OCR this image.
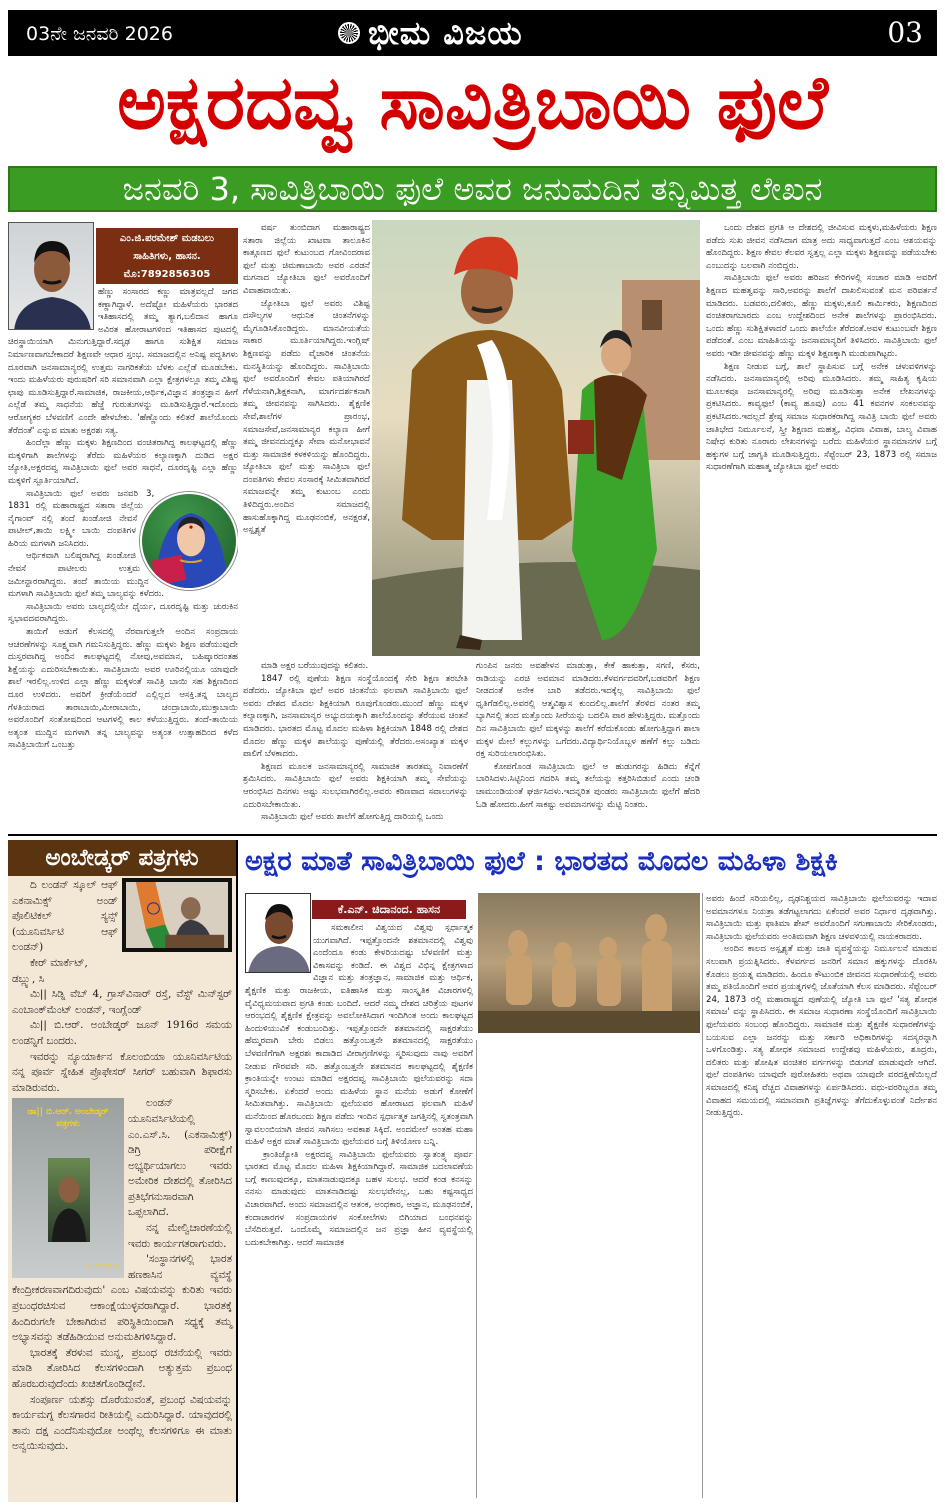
03ನೇ ಜನವರಿ 2026	ಭೀಮ ವಿಜಯ	03
ಅಕ್ಷರದವ್ವ ಸಾವಿತ್ರಿಬಾಯಿ ಫುಲೆ
ಜನವರಿ 3, ಸಾವಿತ್ರಿಬಾಯಿ ಫುಲೆ ಅವರ ಜನುಮದಿನ ತನ್ನಿಮಿತ್ತ ಲೇಖನ
ಎಂ.ಜಿ.ಪರಮೇಶ್ ಮಡಬಲು
ಸಾಹಿತಿಗಳು, ಹಾಸನ.
ಮೊ:7892856305

ಹೆಣ್ಣು ಸಂಸಾರದ ಕಣ್ಣು ಮಾತ್ರವಲ್ಲದೆ ಜಗದ ಕಣ್ಣಾಗಿದ್ದಾಳೆ. ಅದೆಷ್ಟೋ ಮಹಿಳೆಯರು ಭಾರತದ ಇತಿಹಾಸದಲ್ಲಿ ತಮ್ಮ ತ್ಯಾಗ,ಬಲಿದಾನ ಹಾಗೂ ಅವಿರತ ಹೋರಾಟಗಳಿಂದ ಇತಿಹಾಸದ ಪುಟದಲ್ಲಿ ಚಿರಸ್ಥಾಯಿಯಾಗಿ ಮಿನುಗುತ್ತಿದ್ದಾರೆ.ಸದೃಢ ಹಾಗೂ ಸುಶಿಕ್ಷಿತ ಸಮಾಜ ನಿರ್ಮಾಣವಾಗಬೇಕಾದರೆ ಶಿಕ್ಷಣವೇ ಆಧಾರ ಸ್ತಂಭ. ಸಮಾಜದಲ್ಲಿನ ಅನಿಷ್ಟ ಪದ್ಧತಿಗಳು ದೂರವಾಗಿ ಜನಸಾಮಾನ್ಯರಲ್ಲಿ ಉತ್ತಮ ನಾಗರಿಕತೆಯ ಬೆಳಕು ಎಲ್ಲೆಡೆ ಮೂಡಬೇಕು. ಇಂದು ಮಹಿಳೆಯರು ಪುರುಷರಿಗೆ ಸರಿ ಸಮಾನವಾಗಿ ಎಲ್ಲಾ ಕ್ಷೇತ್ರಗಳಲ್ಲೂ ತಮ್ಮ ವಿಶಿಷ್ಟ ಛಾಪು ಮೂಡಿಸುತ್ತಿದ್ದಾರೆ.ಸಾಮಾಜಿಕ, ರಾಜಕೀಯ,ಆರ್ಥಿಕ,ವಿಜ್ಞಾನ ತಂತ್ರಜ್ಞಾನ ಹೀಗೆ ಎಲ್ಲೆಡೆ ತಮ್ಮ ಸಾಧನೆಯ ಹೆಜ್ಜೆ ಗುರುತುಗಳನ್ನು ಮೂಡಿಸುತ್ತಿದ್ದಾರೆ.ಇದೊಂದು ಆರೋಗ್ಯಕರ ಬೆಳವಣಿಗೆ ಎಂದೇ ಹೇಳಬೇಕು. 'ಹೆಣ್ಣೊಂದು ಕಲಿತರೆ ಶಾಲೆಯೊಂದು ತೆರೆದಂತೆ' ಎನ್ನುವ ಮಾತು ಅಕ್ಷರಶಃ ಸತ್ಯ.

ಹಿಂದೆಲ್ಲಾ ಹೆಣ್ಣು ಮಕ್ಕಳು ಶಿಕ್ಷಣದಿಂದ ವಂಚಿತರಾಗಿದ್ದ ಕಾಲಘಟ್ಟದಲ್ಲಿ ಹೆಣ್ಣು ಮಕ್ಕಳಿಗಾಗಿ ಶಾಲೆಗಳನ್ನು ತೆರೆದು ಮಹಿಳೆಯರ ಕಲ್ಯಾಣಕ್ಕಾಗಿ ದುಡಿದ ಅಕ್ಷರ ಜ್ಯೋತಿ,ಅಕ್ಷರದವ್ವ ಸಾವಿತ್ರಿಬಾಯಿ ಫುಲೆ ಅವರ ಸಾಧನೆ, ದೂರದೃಷ್ಟಿ ಎಲ್ಲಾ ಹೆಣ್ಣು ಮಕ್ಕಳಿಗೆ ಸ್ಪೂರ್ತಿಯಾಗಿದೆ.

ಸಾವಿತ್ರಿಬಾಯಿ ಫುಲೆ ಅವರು ಜನವರಿ 3, 1831 ರಲ್ಲಿ ಮಹಾರಾಷ್ಟ್ರದ ಸತಾರಾ ಜಿಲ್ಲೆಯ ನೈಗಾಂವ್ ನಲ್ಲಿ ತಂದೆ ಖಂಡೋಜಿ ನೇವಸೆ ಪಾಟೀಲ್,ತಾಯಿ ಲಕ್ಷ್ಮೀ ಬಾಯಿ ದಂಪತಿಗಳ ಹಿರಿಯ ಮಗಳಾಗಿ ಜನಿಸಿದರು.

ಆರ್ಥಿಕವಾಗಿ ಬಲಿಷ್ಠರಾಗಿದ್ದ ಖಂಡೋಜಿ ನೇವಸೆ ಪಾಟೀಲರು ಉತ್ತಮ ಜಮೀನ್ದಾರರಾಗಿದ್ದರು. ತಂದೆ ತಾಯಿಯ ಮುದ್ದಿನ ಮಗಳಾಗಿ ಸಾವಿತ್ರಿಬಾಯಿ ಫುಲೆ ತಮ್ಮ ಬಾಲ್ಯವನ್ನು ಕಳೆದರು.

ಸಾವಿತ್ರಿಬಾಯಿ ಅವರು ಬಾಲ್ಯದಲ್ಲಿಯೇ ಧೈರ್ಯ, ದೂರದೃಷ್ಟಿ ಮತ್ತು ಚುರುಕಿನ ಸ್ವಭಾವದವರಾಗಿದ್ದರು.

ತಾಯಿಗೆ ಅಡುಗೆ ಕೆಲಸದಲ್ಲಿ ನೆರವಾಗುತ್ತಲೇ ಅಂದಿನ ಸಂಪ್ರದಾಯ ಆಚರಣೆಗಳನ್ನು ಸೂಕ್ಷ್ಮವಾಗಿ ಗಮನಿಸುತ್ತಿದ್ದರು. ಹೆಣ್ಣು ಮಕ್ಕಳು ಶಿಕ್ಷಣ ಪಡೆಯುವುದೇ ದುಸ್ತರವಾಗಿದ್ದ ಅಂದಿನ ಕಾಲಘಟ್ಟದಲ್ಲಿ ನೋವು,ಅವಮಾನ, ಬಹಿಷ್ಕಾರದಂತಹ ಶಿಕ್ಷೆಯನ್ನು ಎದುರಿಸಬೇಕಾಯಿತು. ಸಾವಿತ್ರಿಬಾಯಿ ಅವರ ಊರಿನಲ್ಲಿಯೂ ಯಾವುದೇ ಶಾಲೆ ಇರಲಿಲ್ಲ.ಉಳಿದ ಎಲ್ಲಾ ಹೆಣ್ಣು ಮಕ್ಕಳಂತೆ ಸಾವಿತ್ರಿ ಬಾಯಿ ಸಹ ಶಿಕ್ಷಣದಿಂದ ದೂರ ಉಳಿದರು. ಅವರಿಗೆ ಕ್ರೀಡೆಯೆಂದರೆ ಎಲ್ಲಿಲ್ಲದ ಆಸಕ್ತಿ.ತನ್ನ ಬಾಲ್ಯದ ಗೆಳತಿಯರಾದ ತಾರಾಬಾಯಿ,ಮೀರಾಬಾಯಿ, ಚಂದ್ರಾಬಾಯಿ,ಮುಕ್ತಾಬಾಯಿ ಅವರೊಂದಿಗೆ ಸಂತೋಷದಿಂದ ಆಟಗಳಲ್ಲಿ ಕಾಲ ಕಳೆಯುತ್ತಿದ್ದರು. ತಂದೆ-ತಾಯಿಯ ಅತ್ಯಂತ ಮುದ್ದಿನ ಮಗಳಾಗಿ ತನ್ನ ಬಾಲ್ಯವನ್ನು ಅತ್ಯಂತ ಉತ್ಸಾಹದಿಂದ ಕಳೆದ ಸಾವಿತ್ರಿಬಾಯಿಗೆ ಒಂಬತ್ತು

ವರ್ಷ ತುಂಬಿದಾಗ ಮಹಾರಾಷ್ಟ್ರದ ಸತಾರಾ ಜಿಲ್ಲೆಯ ಖಾಟವಾ ತಾಲೂಕಿನ ಕಾತ್ಗೂಣದ ಫುಲೆ ಕುಟುಂಬದ ಗೋವಿಂದರಾವ ಫುಲೆ ಮತ್ತು ಚಿಮಣಾಬಾಯಿ ಅವರ ಎರಡನೆ ಮಗನಾದ ಜ್ಯೋತಿಬಾ ಫುಲೆ ಅವರೊಂದಿಗೆ ವಿವಾಹವಾಯಿತು.

ಜ್ಯೋತಿಬಾ ಫುಲೆ ಅವರು ವಿಶಿಷ್ಟ ದಸೌಲ್ಯಗಳ ಆಧುನಿಕ ಚಿಂತನೆಗಳನ್ನು ಮೈಗೂಡಿಸಿಕೊಂಡಿದ್ದರು. ಮಾನವೀಯತೆಯ ಸಾಕಾರ ಮೂರ್ತಿಯಾಗಿದ್ದರು.ಇಂಗ್ಲಿಷ್ ಶಿಕ್ಷಣವನ್ನು ಪಡೆದು ವೈಚಾರಿಕ ಚಿಂತನೆಯ ಮನಸ್ಥಿತಿಯನ್ನು ಹೊಂದಿದ್ದರು. ಸಾವಿತ್ರಿಬಾಯಿ ಫುಲೆ ಅವರೊಂದಿಗೆ ಕೇವಲ ಪತಿಯಾಗಿರದೆ ಗೆಳೆಯನಾಗಿ,ಶಿಕ್ಷಕನಾಗಿ, ಮಾರ್ಗದರ್ಶಕನಾಗಿ ತಮ್ಮ ಜೀವನವನ್ನು ಸಾಗಿಸಿದರು. ಶೈಕ್ಷಣಿಕ ಸೇವೆ,ಶಾಲೆಗಳ ಪ್ರಾರಂಭ, ಸಮಾಜಸೇವೆ,ಜನಸಾಮಾನ್ಯರ ಕಲ್ಯಾಣ ಹೀಗೆ ತಮ್ಮ ಜೀವನದುದ್ದಕ್ಕೂ ಸೇವಾ ಮನೋಭಾವನೆ ಮತ್ತು ಸಾಮಾಜಿಕ ಕಳಕಳಿಯನ್ನು ಹೊಂದಿದ್ದರು. ಜ್ಯೋತಿಬಾ ಫುಲೆ ಮತ್ತು ಸಾವಿತ್ರಿಬಾ ಫುಲೆ ದಂಪತಿಗಳು ಕೇವಲ ಸಂಸಾರಕ್ಕೆ ಸೀಮಿತವಾಗಿರದೆ ಸಮಾಜವನ್ನೇ ತಮ್ಮ ಕುಟುಂಬ ಎಂದು ತಿಳಿದಿದ್ದರು.ಅಂದಿನ ಸಮಾಜದಲ್ಲಿ ಹಾಸುಹೊಕ್ಕಾಗಿದ್ದ ಮೂಢನಂಬಿಕೆ, ಅನಕ್ಷರತೆ, ಅಸ್ಪೃಶ್ಯತೆ

ಮಾಡಿ ಅಕ್ಷರ ಬರೆಯುವುದನ್ನು ಕಲಿತರು.

1847 ರಲ್ಲಿ ಪುಣೆಯ ಶಿಕ್ಷಣ ಸಂಸ್ಥೆಯೊಂದಕ್ಕೆ ಸೇರಿ ಶಿಕ್ಷಣ ತರಬೇತಿ ಪಡೆದರು. ಜ್ಯೋತಿಬಾ ಫುಲೆ ಅವರ ಚಿಂತನೆಯ ಫಲವಾಗಿ ಸಾವಿತ್ರಿಬಾಯಿ ಫುಲೆ ಅವರು ದೇಶದ ಮೊದಲ ಶಿಕ್ಷಕಿಯಾಗಿ ರೂಪುಗೊಂಡರು.ಮುಂದೆ ಹೆಣ್ಣು ಮಕ್ಕಳ ಕಲ್ಯಾಣಕ್ಕಾಗಿ, ಜನಸಾಮಾನ್ಯರ ಅಭ್ಯುದಯಕ್ಕಾಗಿ ಶಾಲೆಯೊಂದನ್ನು ತೆರೆಯುವ ಚಿಂತನೆ ಮಾಡಿದರು. ಭಾರತದ ಮೊಟ್ಟ ಮೊದಲ ಮಹಿಳಾ ಶಿಕ್ಷಕಿಯಾಗಿ 1848 ರಲ್ಲಿ ದೇಶದ ಮೊದಲ ಹೆಣ್ಣು ಮಕ್ಕಳ ಶಾಲೆಯನ್ನು ಪುಣೆಯಲ್ಲಿ ತೆರೆದರು.ಅಸಂಖ್ಯಾತ ಮಕ್ಕಳ ಪಾಲಿಗೆ ಬೆಳಕಾದರು.

ಶಿಕ್ಷಣದ ಮೂಲಕ ಜನಸಾಮಾನ್ಯರಲ್ಲಿ ಸಾಮಾಜಿಕ ತಾರತಮ್ಯ ನಿವಾರಣೆಗೆ ಶ್ರಮಿಸಿದರು. ಸಾವಿತ್ರಿಬಾಯಿ ಫುಲೆ ಅವರು ಶಿಕ್ಷಕಿಯಾಗಿ ತಮ್ಮ ಸೇವೆಯನ್ನು ಆರಂಭಿಸಿದ ದಿನಗಳು ಅಷ್ಟು ಸುಲಭವಾಗಿರಲಿಲ್ಲ.ಅವರು ಕಠಿಣವಾದ ಸವಾಲುಗಳನ್ನು ಎದುರಿಸಬೇಕಾಯಿತು.

ಸಾವಿತ್ರಿಬಾಯಿ ಫುಲೆ ಅವರು ಶಾಲೆಗೆ ಹೋಗುತ್ತಿದ್ದ ದಾರಿಯಲ್ಲಿ ಒಂದು

ಗುಂಪಿನ ಜನರು ಅವಹೇಳನ ಮಾಡುತ್ತಾ, ಕೇಕೆ ಹಾಕುತ್ತಾ, ಸಗಣಿ, ಕೆಸರು, ರಾಡಿಯನ್ನು ಎರಚಿ ಅವಮಾನ ಮಾಡಿದರು.ಕೆಳವರ್ಗದವರಿಗೆ,ಬಡವರಿಗೆ ಶಿಕ್ಷಣ ನೀಡದಂತೆ ಅನೇಕ ಬಾರಿ ತಡೆದರು.ಇದಕ್ಕೆಲ್ಲ ಸಾವಿತ್ರಿಬಾಯಿ ಫುಲೆ ಧೃತಿಗೆಡಲಿಲ್ಲ.ಅವರಲ್ಲಿ ಆತ್ಮವಿಶ್ವಾಸ ಕುಂದಲಿಲ್ಲ.ಶಾಲೆಗೆ ತೆರಳಿದ ನಂತರ ತಮ್ಮ ಬ್ಯಾಗಿನಲ್ಲಿ ತಂದ ಮತ್ತೊಂದು ಸೀರೆಯನ್ನು ಬದಲಿಸಿ ಪಾಠ ಹೇಳುತ್ತಿದ್ದರು. ಮತ್ತೊಂದು ದಿನ ಸಾವಿತ್ರಿಬಾಯಿ ಫುಲೆ ಮಕ್ಕಳನ್ನು ಶಾಲೆಗೆ ಕರೆದುಕೊಂಡು ಹೋಗುತ್ತಿದ್ದಾಗ ಶಾಲಾ ಮಕ್ಕಳ ಮೇಲೆ ಕಲ್ಲುಗಳನ್ನು ಒಗೆದರು.ವಿದ್ಯಾರ್ಥಿನಿಯೊಬ್ಬಳ ಹಣೆಗೆ ಕಲ್ಲು ಬಡಿದು ರಕ್ತ ಸುರಿಯಲಾರಂಭಿಸಿತು.

ಕೋಪಗೊಂಡ ಸಾವಿತ್ರಿಬಾಯಿ ಫುಲೆ ಆ ಹುಡುಗರನ್ನು ಹಿಡಿದು ಕೆನ್ನೆಗೆ ಬಾರಿಸಿದಳು.ಸಿಟ್ಟಿನಿಂದ ಗದರಿಸಿ ತಮ್ಮ ತಲೆಯನ್ನು ಕತ್ತರಿಸಿಬಿಡುವೆ ಎಂದು ಚಂಡಿ ಚಾಮುಂಡಿಯಂತೆ ಘರ್ಜಿಸಿದಳು.ಇದನ್ನರಿತ ಪುಂಡರು ಸಾವಿತ್ರಿಬಾಯಿ ಫುಲೆಗೆ ಹೆದರಿ ಓಡಿ ಹೋದರು.ಹೀಗೆ ಸಾಕಷ್ಟು ಅವಮಾನಗಳನ್ನು ಮೆಟ್ಟಿ ನಿಂತರು.

ಒಂದು ದೇಶದ ಪ್ರಗತಿ ಆ ದೇಶದಲ್ಲಿ ಜೀವಿಸುವ ಮಕ್ಕಳು,ಮಹಿಳೆಯರು ಶಿಕ್ಷಣ ಪಡೆದು ಸುಖ ಜೀವನ ನಡೆಸಿದಾಗ ಮಾತ್ರ ಅದು ಸಾಧ್ಯವಾಗುತ್ತದೆ ಎಂಬ ಆಶಯವನ್ನು ಹೊಂದಿದ್ದರು. ಶಿಕ್ಷಣ ಕೇವಲ ಕೆಲವರ ಸ್ವತ್ತಲ್ಲ ಎಲ್ಲಾ ಮಕ್ಕಳು ಶಿಕ್ಷಣವನ್ನು ಪಡೆಯಬೇಕು ಎಂಬುದನ್ನು ಬಲವಾಗಿ ನಂಬಿದ್ದರು.

ಸಾವಿತ್ರಿಬಾಯಿ ಫುಲೆ ಅವರು ಹರಿಜನ ಕೇರಿಗಳಲ್ಲಿ ಸಂಚಾರ ಮಾಡಿ ಅವರಿಗೆ ಶಿಕ್ಷಣದ ಮಹತ್ವವನ್ನು ಸಾರಿ,ಅವರನ್ನು ಶಾಲೆಗೆ ದಾಖಲಿಸುವಂತೆ ಮನ ಪರಿವರ್ತನೆ ಮಾಡಿದರು. ಬಡವರು,ದಲಿತರು, ಹೆಣ್ಣು ಮಕ್ಕಳು,ಕೂಲಿ ಕಾರ್ಮಿಕರು, ಶಿಕ್ಷಣದಿಂದ ವಂಚಿತರಾಗಬಾರದು ಎಂಬ ಉದ್ದೇಶದಿಂದ ಅನೇಕ ಶಾಲೆಗಳನ್ನು ಪ್ರಾರಂಭಿಸಿದರು. ಒಂದು ಹೆಣ್ಣು ಸುಶಿಕ್ಷಿತಳಾದರೆ ಒಂದು ಶಾಲೆಯೇ ತೆರೆದಂತೆ.ಅವಳ ಕುಟುಂಬವೇ ಶಿಕ್ಷಣ ಪಡೆದಂತೆ. ಎಂಬ ಮಾಹಿತಿಯನ್ನು ಜನಸಾಮಾನ್ಯರಿಗೆ ತಿಳಿಸಿದರು. ಸಾವಿತ್ರಿಬಾಯಿ ಫುಲೆ ಅವರು ಇಡೀ ಜೀವನವನ್ನು ಹೆಣ್ಣು ಮಕ್ಕಳ ಶಿಕ್ಷಣಕ್ಕಾಗಿ ಮುಡುಪಾಗಿಟ್ಟರು.

ಶಿಕ್ಷಣ ನೀಡುವ ಬಗ್ಗೆ, ಶಾಲೆ ಸ್ಥಾಪಿಸುವ ಬಗ್ಗೆ ಅನೇಕ ಚಳುವಳಿಗಳನ್ನು ನಡೆಸಿದರು. ಜನಸಾಮಾನ್ಯರಲ್ಲಿ ಅರಿವು ಮೂಡಿಸಿದರು. ತಮ್ಮ ಸಾಹಿತ್ಯ ಕೃಷಿಯ ಮೂಲಕವೂ ಜನಸಾಮಾನ್ಯರಲ್ಲಿ ಅರಿವು ಮೂಡಿಸುತ್ತಾ ಅನೇಕ ಲೇಖನಗಳನ್ನು ಪ್ರಕಟಿಸಿದರು. ಕಾವ್ಯಫುಲೆ (ಕಾವ್ಯ ಹೂವು) ಎಂಬ 41 ಕವನಗಳ ಸಂಕಲನವನ್ನು ಪ್ರಕಟಿಸಿದರು.ಇದಲ್ಲದೆ ಶ್ರೇಷ್ಠ ಸಮಾಜ ಸುಧಾರಕರಾಗಿದ್ದ ಸಾವಿತ್ರಿ ಬಾಯಿ ಫುಲೆ ಅವರು ಜಾತಿಭೇದ ನಿರ್ಮೂಲನೆ, ಸ್ತ್ರೀ ಶಿಕ್ಷಣದ ಮಹತ್ವ, ವಿಧವಾ ವಿವಾಹ, ಬಾಲ್ಯ ವಿವಾಹ ನಿಷೇಧ ಕುರಿತು ನೂರಾರು ಲೇಖನಗಳನ್ನು ಬರೆದು ಮಹಿಳೆಯರ ಸ್ಥಾನಮಾನಗಳ ಬಗ್ಗೆ ಹಕ್ಕುಗಳ ಬಗ್ಗೆ ಜಾಗೃತಿ ಮೂಡಿಸುತ್ತಿದ್ದರು. ಸೆಪ್ಟೆಂಬರ್ 23, 1873 ರಲ್ಲಿ ಸಮಾಜ ಸುಧಾರಣೆಗಾಗಿ ಮಹಾತ್ಮ ಜ್ಯೋತಿಬಾ ಫುಲೆ ಅವರು

ಅಂಬೇಡ್ಕರ್ ಪತ್ರಗಳು

ದಿ ಲಂಡನ್ ಸ್ಕೂಲ್ ಆಫ್ ಎಕನಾಮಿಕ್ಸ್ ಅಂಡ್ ಪೊಲಿಟಿಕಲ್ ಸ್ಯನ್ಸ್ (ಯೂನಿವರ್ಸಿಟಿ ಆಫ್ ಲಂಡನ್)

ಕೇರ್ ಮಾರ್ಕೆಟ್,

ಡಬ್ಲ್ಯು, ಸಿ

ಮಿ|| ಸಿಡ್ನಿ ವೆಬ್ 4, ಗ್ರಾಸ್‌ವಿನಾರ್ ರಸ್ತೆ, ವೆಸ್ಟ್ ಮಿನ್‌ಸ್ಟರ್ ಎಂಬಾಂಕ್‌ಮೆಂಟ್ ಲಂಡನ್, ಇಂಗ್ಲೆಂಡ್

ಮಿ|| ಬಿ.ಆರ್. ಅಂಬೇಡ್ಕರ್ ಜೂನ್ 1916ರ ಸಮಯ ಲಂಡನ್ನಿಗೆ ಬಂದರು.

ಇವರನ್ನು ನ್ಯೂಯಾರ್ಕಿನ ಕೊಲಂಬಿಯಾ ಯೂನಿವರ್ಸಿಟಿಯ ನನ್ನ ಪೂರ್ವ ಸ್ನೇಹಿತ ಪ್ರೊಫೇಸರ್ ಸೀಗರ್ ಬಹುವಾಗಿ ಶಿಫಾರಸು ಮಾಡಿರುವರು.

ಡಾ|| ಬಿ.ಆರ್. ಅಂಬೇಡ್ಕರ್ ಪತ್ರಗಳು
ಬಿ. ರಂಗಸ್ವಾಮಿ

ಲಂಡನ್ ಯೂನಿವರ್ಸಿಟಿಯಲ್ಲಿ ಎಂ.ಎಸ್.ಸಿ. (ಎಕನಾಮಿಕ್ಸ್) ಡಿಗ್ರಿ ಪರೀಕ್ಷೆಗೆ ಅಭ್ಯರ್ಥಿಯಾಗಲು ಇವರು ಅಮೇರಿಕ ದೇಶದಲ್ಲಿ ತೋರಿಸಿದ ಪ್ರತಿಭೆಗನುಸಾರವಾಗಿ ಒಪ್ಪಲಾಗಿದೆ.

ನನ್ನ ಮೇಲ್ವಿಚಾರಣೆಯಲ್ಲಿ ಇವರು ಕಾರ್ಯಗತರಾಗುವರು.

'ಸಂಸ್ಥಾನಗಳಲ್ಲಿ ಭಾರತ ಹಣಕಾಸಿನ ವ್ಯವಸ್ಥೆ ಕೇಂದ್ರೀಕರಣವಾಗದಿರುವುದು' ಎಂಬ ವಿಷಯವನ್ನು ಕುರಿತು ಇವರು ಪ್ರಬಂಧರಚಿಸುವ ಆಕಾಂಕ್ಷೆಯುಳ್ಳವರಾಗಿದ್ದಾರೆ. ಭಾರತಕ್ಕೆ ಹಿಂದಿರುಗಲೇ ಬೇಕಾಗಿರುವ ಪರಿಸ್ಥಿತಿಯಿಂದಾಗಿ ಸಧ್ಯಕ್ಕೆ ತಮ್ಮ ಅಭ್ಯಾಸವನ್ನು ತಡೆಹಿಡಿಯುವ ಅನುಮತಿಗಳಿಸಿದ್ದಾರೆ.

ಭಾರತಕ್ಕೆ ತೆರಳುವ ಮುನ್ನ, ಪ್ರಬಂಧ ರಚನೆಯಲ್ಲಿ ಇವರು ಮಾಡಿ ತೋರಿಸಿದ ಕೆಲಸಗಳಿಂದಾಗಿ ಅತ್ಯುತ್ತಮ ಪ್ರಬಂಧ ಹೊರಬರುವುದೆಂದು ಖಚಿತಗೊಂಡಿದ್ದೇನೆ.

ಸಂಪೂರ್ಣ ಯಶಸ್ಸು ದೊರೆಯುವಂತೆ, ಪ್ರಬಂಧ ವಿಷಯವನ್ನು ಕಾರ್ಯಮಗ್ನ ಕೆಲಸಗಾರನ ರೀತಿಯಲ್ಲಿ ಎದುರಿಸಿದ್ದಾರೆ. ಯಾವುದರಲ್ಲಿ ತಾನು ದಕ್ಷ ಎಂದೆನಿಸುವುದೋ ಅಂಥೆಲ್ಲ ಕೆಲಸಗಳಿಗೂ ಈ ಮಾತು ಅನ್ವಯಿಸುವುದು.

ಅಕ್ಷರ ಮಾತೆ ಸಾವಿತ್ರಿಬಾಯಿ ಫುಲೆ : ಭಾರತದ ಮೊದಲ ಮಹಿಳಾ ಶಿಕ್ಷಕಿ
ಕೆ.ಎನ್. ಚಿದಾನಂದ. ಹಾಸನ

ಸಮಕಾಲೀನ ವಿಶ್ವಯದ ವಿಶ್ವವು ಸ್ಪರ್ಧಾತ್ಮಕ ಯುಗವಾಗಿದೆ. ಇಪ್ಪತ್ತೊಂದನೇ ಶತಮಾನದಲ್ಲಿ ವಿಶ್ವವು ಎಂದೆಂದೂ ಕಂಡು ಕೇಳರಿಯದಷ್ಟು ಬೆಳವಣಿಗೆ ಮತ್ತು ವಿಕಾಸವನ್ನು ಕಂಡಿದೆ. ಈ ವಿಶ್ವದ ವಿಭಿನ್ನ ಕ್ಷೇತ್ರಗಳಾದ ವಿಜ್ಞಾನ ಮತ್ತು ತಂತ್ರಜ್ಞಾನ, ಸಾಮಾಜಿಕ ಮತ್ತು ಆರ್ಥಿಕ, ಶೈಕ್ಷಣಿಕ ಮತ್ತು ರಾಜಕೀಯ, ಐತಿಹಾಸಿಕ ಮತ್ತು ಸಾಂಸ್ಕೃತಿಕ ವಿಚಾರಗಳಲ್ಲಿ ವೈವಿಧ್ಯಮಯವಾದ ಪ್ರಗತಿ ಕಂಡು ಬಂದಿದೆ. ಆದರೆ ನಮ್ಮ ದೇಶದ ಚರಿತ್ರೆಯ ಪುಟಗಳ ಆರಂಭದಲ್ಲಿ ಶೈಕ್ಷಣಿಕ ಕ್ಷೇತ್ರವನ್ನು ಅವಲೋಕಿಸಿದಾಗ ಇಂದಿಗಿಂತ ಅಂದು ಕಾಲಘಟ್ಟದ ಹಿಂದುಳಿಯುವಿಕೆ ಕಂಡುಬಂದಿತ್ತು. ಇಪ್ಪತ್ತೊಂದನೇ ಶತಮಾನದಲ್ಲಿ ಸಾಕ್ಷರತೆಯು ಹೆಮ್ಮರವಾಗಿ ಬೇರು ಬಿಡಲು ಹತ್ತೊಂಬತ್ತನೇ ಶತಮಾನದಲ್ಲಿ ಸಾಕ್ಷರತೆಯು ಬೆಳವಣಿಗೆಗಾಗಿ ಅಕ್ಷರಶಃ ಕಾದಾಡಿದ ವೀರಾಗ್ರಣಿಗಳನ್ನು ಸ್ಮರಿಸುವುದು ನಾವು ಅವರಿಗೆ ನೀಡುವ ಗೌರವವೇ ಸರಿ. ಹತ್ತೊಂಬತ್ತನೇ ಶತಮಾನದ ಕಾಲಘಟ್ಟದಲ್ಲಿ ಶೈಕ್ಷಣಿಕ ಕ್ರಾಂತಿಯನ್ನೇ ಉಂಟು ಮಾಡಿದ ಅಕ್ಷರದವ್ವ ಸಾವಿತ್ರಿಬಾಯಿ ಫುಲೆಯವರನ್ನು ಸದಾ ಸ್ಮರಿಸಬೇಕು. ಏಕೆಂದರೆ ಅಂದು ಮಹಿಳೆಯ ಸ್ಥಾನ ಮನೆಯ ಅಡುಗೆ ಕೋಣೆಗೆ ಸೀಮಿತವಾಗಿತ್ತು. ಸಾವಿತ್ರಿಬಾಯಿ ಫುಲೆಯವರ ಹೋರಾಟದ ಫಲವಾಗಿ ಮಹಿಳೆ ಮನೆಯಿಂದ ಹೊರಬಂದು ಶಿಕ್ಷಣ ಪಡೆದು ಇಂದಿನ ಸ್ಪರ್ಧಾತ್ಮಕ ಜಗತ್ತಿನಲ್ಲಿ ಸ್ವತಂತ್ರವಾಗಿ ಸ್ವಾವಲಂಬಿಯಾಗಿ ಜೀವನ ಸಾಗಿಸಲು ಅವಕಾಶ ಸಿಕ್ಕಿದೆ. ಅಂದಮೇಲೆ ಅಂತಹ ಮಹಾ ಮಹಿಳೆ ಅಕ್ಷರ ಮಾತೆ ಸಾವಿತ್ರಿಬಾಯಿ ಫುಲೆಯವರ ಬಗ್ಗೆ ತಿಳಿಯೋಣ ಬನ್ನಿ.

ಕ್ರಾಂತಿಜ್ಯೋತಿ ಅಕ್ಷರದವ್ವ ಸಾವಿತ್ರಿಬಾಯಿ ಫುಲೆಯವರು ಸ್ವಾತಂತ್ರ್ಯ ಪೂರ್ವ ಭಾರತದ ಮೊಟ್ಟ ಮೊದಲ ಮಹಿಳಾ ಶಿಕ್ಷಕಿಯಾಗಿದ್ದಾರೆ. ಸಾಮಾಜಿಕ ಬದಲಾವಣೆಯ ಬಗ್ಗೆ ಕಾಣುವುದಕ್ಕೂ, ಮಾತನಾಡುವುದಕ್ಕೂ ಬಹಳ ಸುಲಭ. ಆದರೆ ಕಂಡ ಕನಸನ್ನು ನನಸು ಮಾಡುವುದು ಮಾತನಾಡಿದಷ್ಟು ಸುಲಭವೇನಲ್ಲ, ಬಹು ಕಷ್ಟಸಾಧ್ಯದ ವಿಚಾರವಾಗಿದೆ. ಅಂದು ಸಮಾಜದಲ್ಲಿನ ಆತಂಕ, ಅಂಧಕಾರ, ಅಜ್ಞಾನ, ಮೂಢನಂಬಿಕೆ, ಕಂದಾಚಾರಗಳ ಸಂಪ್ರದಾಯಗಳ ಸಂಕೋಲೆಗಳು ಬಿಗಿಯಾದ ಬಂಧನವನ್ನು ಬೆಸೆದಿರುತ್ತವೆ. ಒಂದೊಮ್ಮೆ ಸಮಾಜದಲ್ಲಿನ ಜನ ಪ್ರಜ್ಞಾ ಹೀನ ವ್ಯವಸ್ಥೆಯಲ್ಲಿ ಬದುಕಬೇಕಾಗಿತ್ತು. ಆದರೆ ಸಾಮಾಜಿಕ

ಅವರು ಹಿಂದೆ ಸರಿಯಲಿಲ್ಲ, ದೃಢನಿಶ್ಚಯದ ಸಾವಿತ್ರಿಬಾಯಿ ಫುಲೆಯವರನ್ನು ಇದಾವ ಅವಮಾನಗಳೂ ನಿಯತ್ರಾ ತಡೆಗಟ್ಟಲಾಗದು ಏಕೆಂದರೆ ಅವರ ನಿರ್ಧಾರ ದೃಢವಾಗಿತ್ತು. ಸಾವಿತ್ರಿಬಾಯಿ ಮತ್ತು ಫಾತಿಮಾ ಶೇಖ್ ಅವರೊಂದಿಗೆ ಸಗುಣಾಬಾಯಿ ಸೇರಿಕೊಂಡರು, ಸಾವಿತ್ರಿಬಾಯಿ ಫುಲೆಯವರು ಅಂತಿಮವಾಗಿ ಶಿಕ್ಷಣ ಚಳವಳಿಯಲ್ಲಿ ನಾಯಕರಾದರು.

ಅಂದಿನ ಕಾಲದ ಅಸ್ಪೃಶ್ಯತೆ ಮತ್ತು ಜಾತಿ ವ್ಯವಸ್ಥೆಯನ್ನು ನಿರ್ಮೂಲನೆ ಮಾಡುವ ಸಲುವಾಗಿ ಪ್ರಯತ್ನಿಸಿದರು. ಕೆಳವರ್ಗದ ಜನರಿಗೆ ಸಮಾನ ಹಕ್ಕುಗಳನ್ನು ದೊರಕಿಸಿ ಕೊಡಲು ಪ್ರಯತ್ನ ಮಾಡಿದರು. ಹಿಂದೂ ಕೌಟುಂಬಿಕ ಜೀವನದ ಸುಧಾರಣೆಯಲ್ಲಿ ಅವರು ತಮ್ಮ ಪತಿಯೊಂದಿಗೆ ಅವರ ಪ್ರಯತ್ನಗಳಲ್ಲಿ ಜೊತೆಯಾಗಿ ಕೆಲಸ ಮಾಡಿದರು. ಸೆಪ್ಟೆಂಬರ್ 24, 1873 ರಲ್ಲಿ ಮಹಾರಾಷ್ಟ್ರದ ಪುಣೆಯಲ್ಲಿ ಜ್ಯೋತಿ ಬಾ ಫುಲೆ 'ಸತ್ಯ ಶೋಧಕ ಸಮಾಜ' ವನ್ನು ಸ್ಥಾಪಿಸಿದರು. ಈ ಸಮಾಜ ಸುಧಾರಣಾ ಸಂಸ್ಥೆಯೊಂದಿಗೆ ಸಾವಿತ್ರಿಬಾಯಿ ಫುಲೆಯವರು ಸಂಬಂಧ ಹೊಂದಿದ್ದರು. ಸಾಮಾಜಿಕ ಮತ್ತು ಶೈಕ್ಷಣಿಕ ಸುಧಾರಣೆಗಳನ್ನು ಬಯಸುವ ಎಲ್ಲಾ ಜನರನ್ನು ಮತ್ತು ಸರ್ಕಾರಿ ಅಧಿಕಾರಿಗಳನ್ನು ಸದಸ್ಯರನ್ನಾಗಿ ಒಳಗೊಂಡಿತ್ತು. ಸತ್ಯ ಶೋಧಕ ಸಮಾಜದ ಉದ್ದೇಶವು ಮಹಿಳೆಯರು, ಶೂದ್ರರು, ದಲಿತರು ಮತ್ತು ಶೋಷಿತ ವಂಚಿತರ ವರ್ಗಗಳನ್ನು ಬಿಡುಗಡೆ ಮಾಡುವುದೇ ಆಗಿದೆ. ಫುಲೆ ದಂಪತಿಗಳು ಯಾವುದೇ ಪುರೋಹಿತರು ಅಥವಾ ಯಾವುದೇ ವರದಕ್ಷಿಣೆಯಿಲ್ಲದೆ ಸಮಾಜದಲ್ಲಿ ಕನಿಷ್ಠ ವೆಚ್ಚದ ವಿವಾಹಗಳನ್ನು ಏರ್ಪಡಿಸಿದರು. ವಧು-ವರರಿಬ್ಬರೂ ತಮ್ಮ ವಿವಾಹದ ಸಮಯದಲ್ಲಿ ಸಮಾನವಾಗಿ ಪ್ರತಿಜ್ಞೆಗಳನ್ನು ತೆಗೆದುಕೊಳ್ಳುವಂತೆ ನಿರ್ದೇಶನ ನೀಡುತ್ತಿದ್ದರು.
